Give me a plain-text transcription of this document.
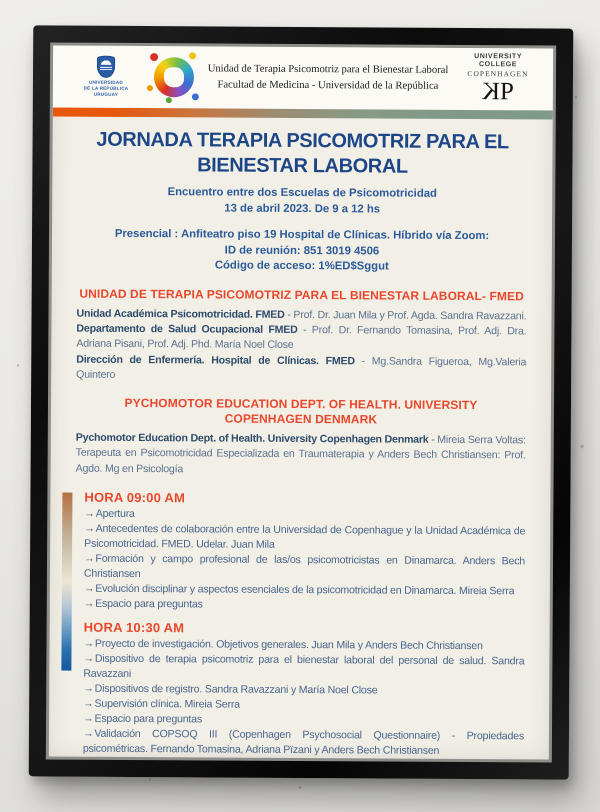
UNIVERSIDAD
DE LA REPÚBLICA
URUGUAY
Unidad de Terapia Psicomotriz para el Bienestar Laboral
Facultad de Medicina - Universidad de la República
UNIVERSITY
COLLEGE
COPENHAGEN
KP
JORNADA TERAPIA PSICOMOTRIZ PARA EL
BIENESTAR LABORAL
Encuentro entre dos Escuelas de Psicomotricidad
13 de abril 2023. De 9 a 12 hs
Presencial : Anfiteatro piso 19 Hospital de Clínicas. Híbrido vía Zoom:
ID de reunión: 851 3019 4506
Código de acceso: 1%ED$Sggut
UNIDAD DE TERAPIA PSICOMOTRIZ PARA EL BIENESTAR LABORAL- FMED

Unidad Académica Psicomotricidad. FMED - Prof. Dr. Juan Mila y Prof. Agda. Sandra Ravazzani.

Departamento de Salud Ocupacional FMED - Prof. Dr. Fernando Tomasina, Prof. Adj. Dra. Adriana Pisani, Prof. Adj. Phd. María Noel Close

Dirección de Enfermería. Hospital de Clínicas. FMED - Mg.Sandra Figueroa, Mg.Valeria Quintero

PYCHOMOTOR EDUCATION DEPT. OF HEALTH. UNIVERSITY
COPENHAGEN DENMARK

Pychomotor Education Dept. of Health. University Copenhagen Denmark - Mireia Serra Voltas: Terapeuta en Psicomotricidad Especializada en Traumaterapia y Anders Bech Christiansen: Prof. Agdo. Mg en Psicología

HORA 09:00 AM

→Apertura

→Antecedentes de colaboración entre la Universidad de Copenhague y la Unidad Académica de Psicomotricidad. FMED. Udelar. Juan Mila

→Formación y campo profesional de las/os psicomotricistas en Dinamarca. Anders Bech Christiansen

→Evolución disciplinar y aspectos esenciales de la psicomotricidad en Dinamarca. Mireia Serra

→Espacio para preguntas

HORA 10:30 AM

→Proyecto de investigación. Objetivos generales. Juan Mila y Anders Bech Christiansen

→Dispositivo de terapia psicomotriz para el bienestar laboral del personal de salud. Sandra Ravazzani

→Dispositivos de registro. Sandra Ravazzani y María Noel Close

→Supervisión clínica. Mireia Serra

→Espacio para preguntas

→Validación COPSOQ III (Copenhagen Psychosocial Questionnaire) - Propiedades psicométricas. Fernando Tomasina, Adriana Pïzani y Anders Bech Christiansen
